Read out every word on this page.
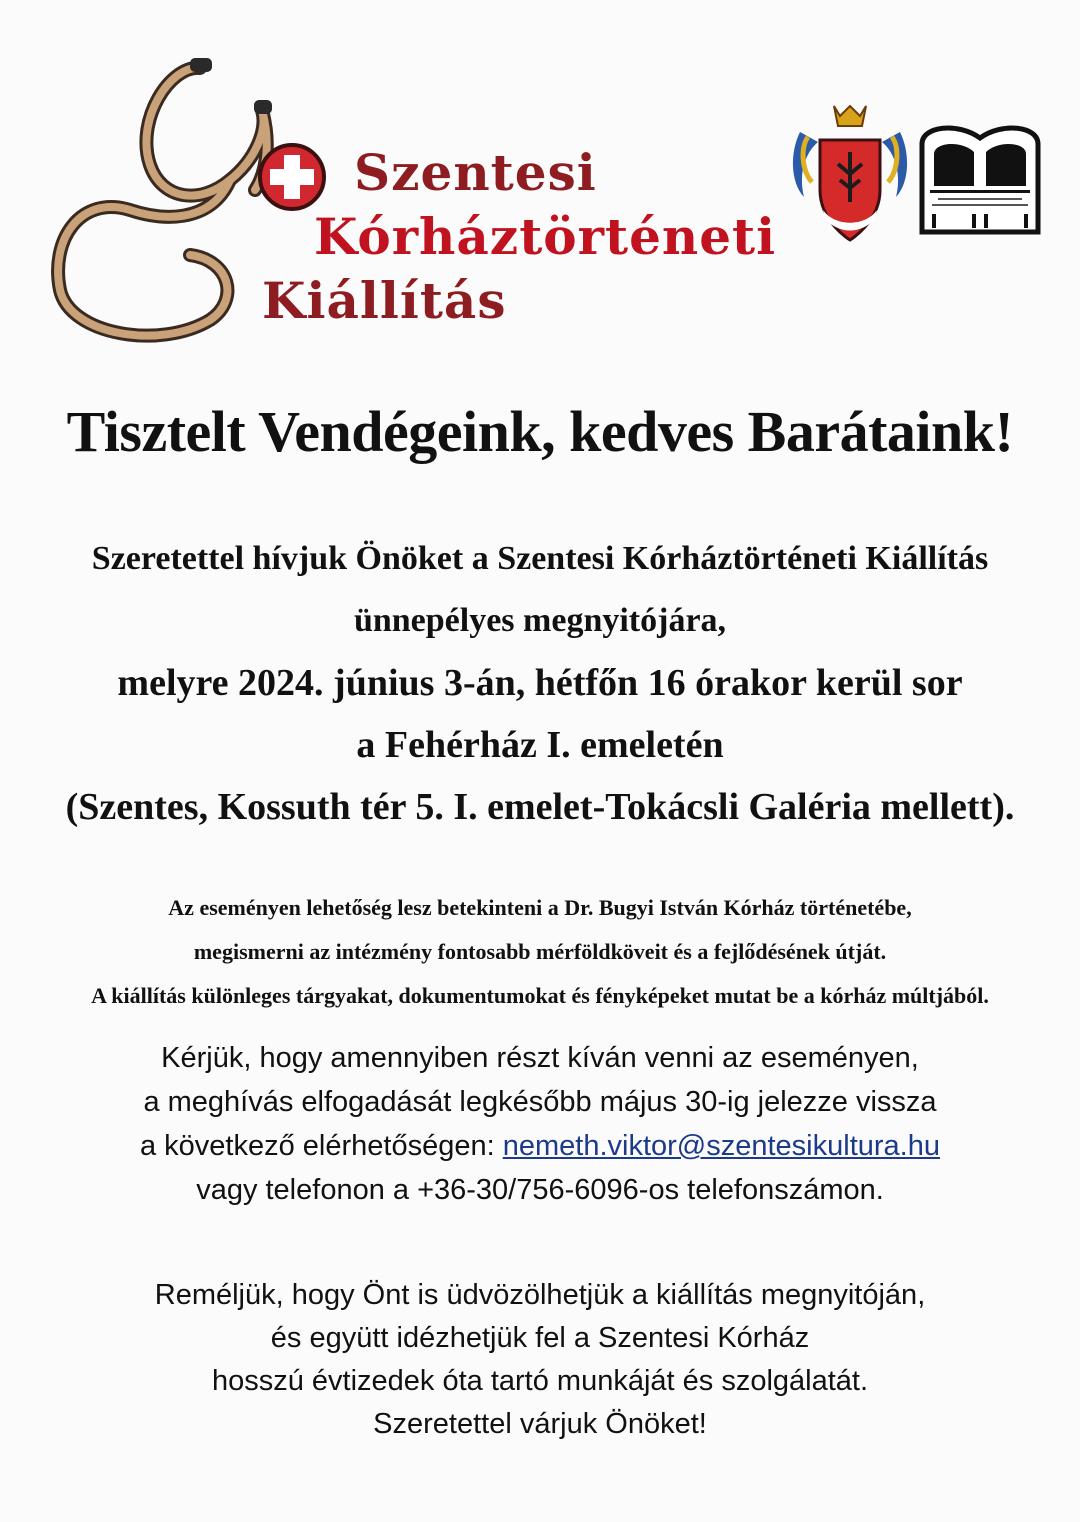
Szentesi
Kórháztörténeti
Kiállítás
Tisztelt Vendégeink, kedves Barátaink!
Szeretettel hívjuk Önöket a Szentesi Kórháztörténeti Kiállítás
ünnepélyes megnyitójára,
melyre 2024. június 3-án, hétfőn 16 órakor kerül sor
a Fehérház I. emeletén
(Szentes, Kossuth tér 5. I. emelet-Tokácsli Galéria mellett).
Az eseményen lehetőség lesz betekinteni a Dr. Bugyi István Kórház történetébe,
megismerni az intézmény fontosabb mérföldköveit és a fejlődésének útját.
A kiállítás különleges tárgyakat, dokumentumokat és fényképeket mutat be a kórház múltjából.
Kérjük, hogy amennyiben részt kíván venni az eseményen,
a meghívás elfogadását legkésőbb május 30-ig jelezze vissza
a következő elérhetőségen: nemeth.viktor@szentesikultura.hu
vagy telefonon a +36-30/756-6096-os telefonszámon.
Reméljük, hogy Önt is üdvözölhetjük a kiállítás megnyitóján,
és együtt idézhetjük fel a Szentesi Kórház
hosszú évtizedek óta tartó munkáját és szolgálatát.
Szeretettel várjuk Önöket!
